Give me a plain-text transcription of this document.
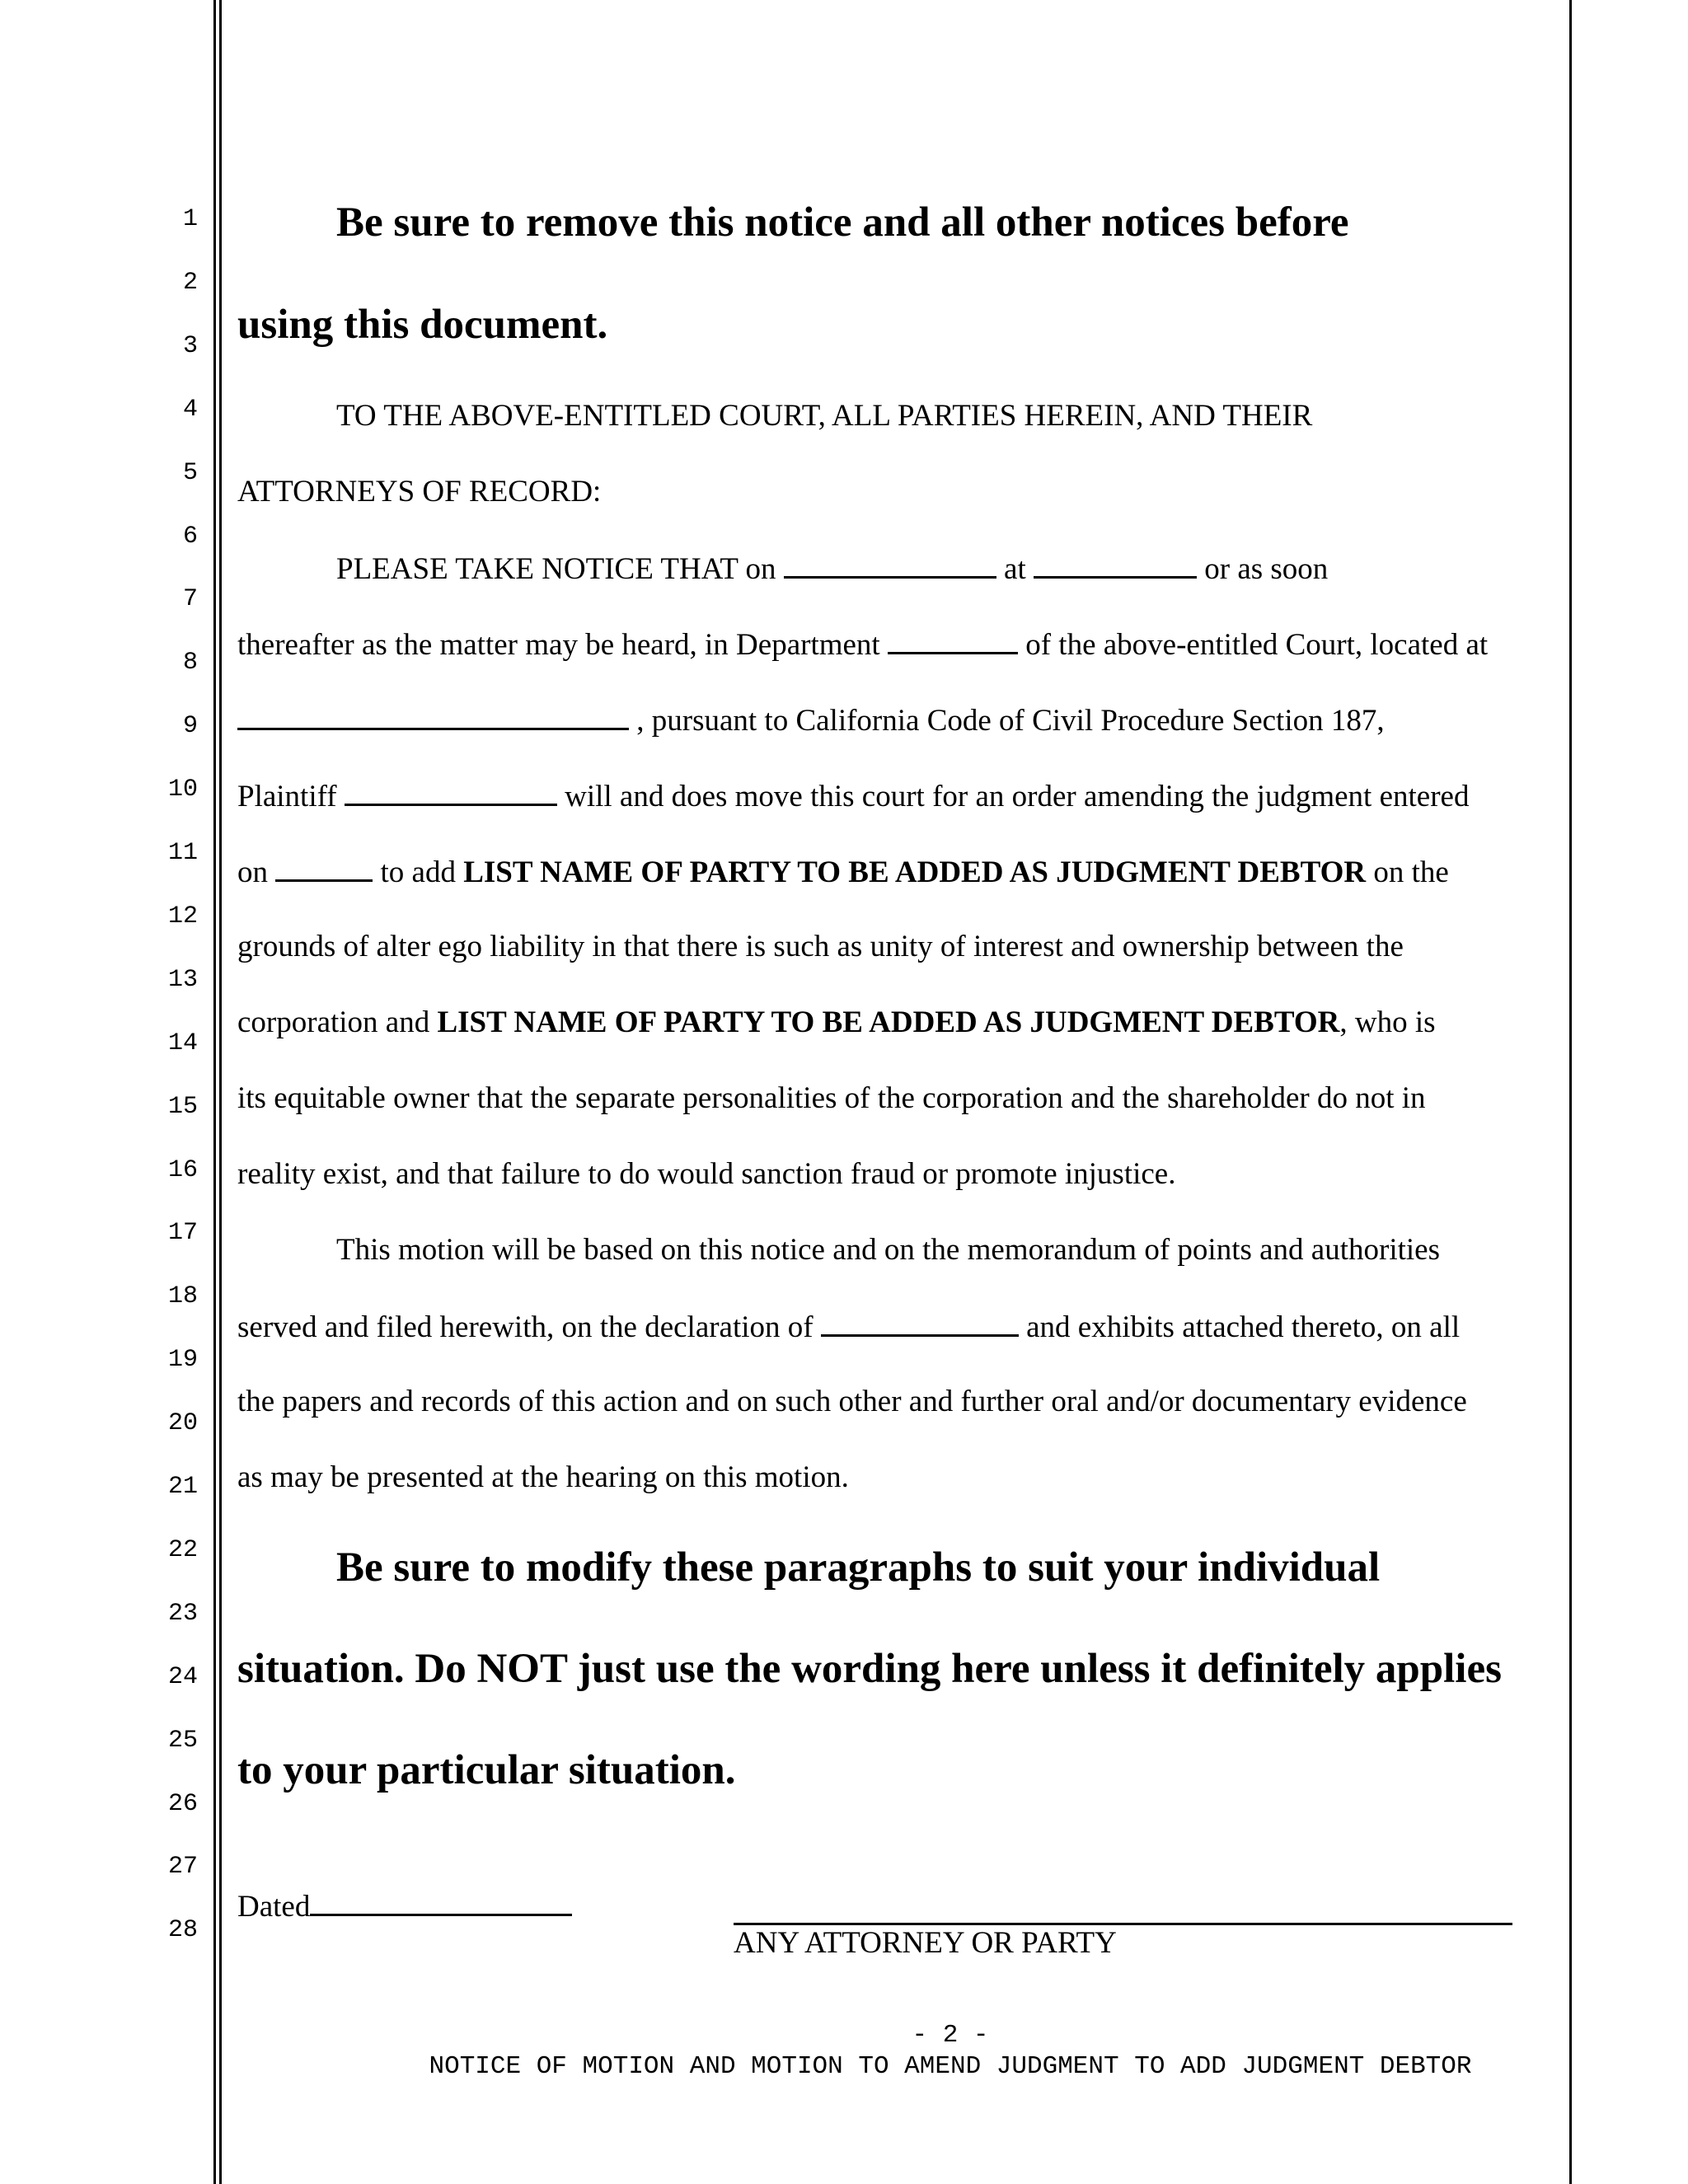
1
2
3
4
5
6
7
8
9
10
11
12
13
14
15
16
17
18
19
20
21
22
23
24
25
26
27
28
Be sure to remove this notice and all other notices before
using this document.
TO THE ABOVE-ENTITLED COURT, ALL PARTIES HEREIN, AND THEIR
ATTORNEYS OF RECORD:
PLEASE TAKE NOTICE THAT on	at	or as soon
thereafter as the matter may be heard, in Department	of the above-entitled Court, located at
, pursuant to California Code of Civil Procedure Section 187,
Plaintiff	will and does move this court for an order amending the judgment entered
on	to add LIST NAME OF PARTY TO BE ADDED AS JUDGMENT DEBTOR on the
grounds of alter ego liability in that there is such as unity of interest and ownership between the
corporation and LIST NAME OF PARTY TO BE ADDED AS JUDGMENT DEBTOR, who is
its equitable owner that the separate personalities of the corporation and the shareholder do not in
reality exist, and that failure to do would sanction fraud or promote injustice.
This motion will be based on this notice and on the memorandum of points and authorities
served and filed herewith, on the declaration of	and exhibits attached thereto, on all
the papers and records of this action and on such other and further oral and/or documentary evidence
as may be presented at the hearing on this motion.
Be sure to modify these paragraphs to suit your individual
situation. Do NOT just use the wording here unless it definitely applies
to your particular situation.
Dated
ANY ATTORNEY OR PARTY
- 2 -
NOTICE OF MOTION AND MOTION TO AMEND JUDGMENT TO ADD JUDGMENT DEBTOR
